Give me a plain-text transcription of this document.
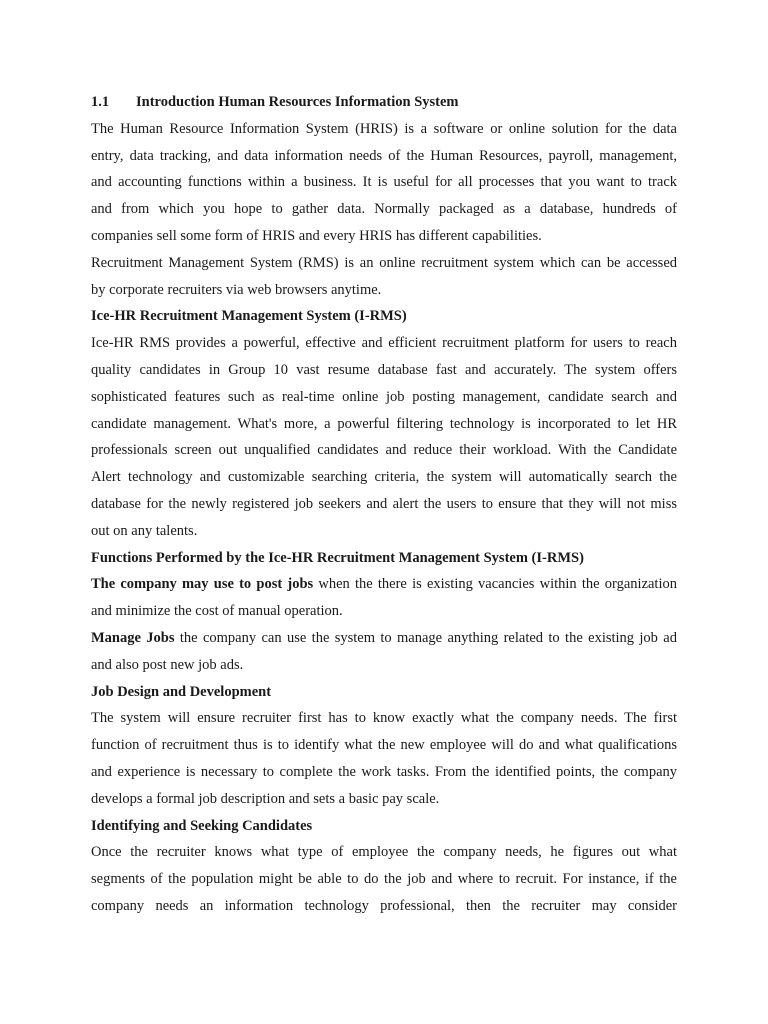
1.1 Introduction Human Resources Information System
The Human Resource Information System (HRIS) is a software or online solution for the data
entry, data tracking, and data information needs of the Human Resources, payroll, management,
and accounting functions within a business. It is useful for all processes that you want to track
and from which you hope to gather data. Normally packaged as a database, hundreds of
companies sell some form of HRIS and every HRIS has different capabilities.
Recruitment Management System (RMS) is an online recruitment system which can be accessed
by corporate recruiters via web browsers anytime.
Ice-HR Recruitment Management System (I-RMS)
Ice-HR RMS provides a powerful, effective and efficient recruitment platform for users to reach
quality candidates in Group 10 vast resume database fast and accurately. The system offers
sophisticated features such as real-time online job posting management, candidate search and
candidate management. What's more, a powerful filtering technology is incorporated to let HR
professionals screen out unqualified candidates and reduce their workload. With the Candidate
Alert technology and customizable searching criteria, the system will automatically search the
database for the newly registered job seekers and alert the users to ensure that they will not miss
out on any talents.
Functions Performed by the Ice-HR Recruitment Management System (I-RMS)
The company may use to post jobs when the there is existing vacancies within the organization
and minimize the cost of manual operation.
Manage Jobs the company can use the system to manage anything related to the existing job ad
and also post new job ads.
Job Design and Development
The system will ensure recruiter first has to know exactly what the company needs. The first
function of recruitment thus is to identify what the new employee will do and what qualifications
and experience is necessary to complete the work tasks. From the identified points, the company
develops a formal job description and sets a basic pay scale.
Identifying and Seeking Candidates
Once the recruiter knows what type of employee the company needs, he figures out what
segments of the population might be able to do the job and where to recruit. For instance, if the
company needs an information technology professional, then the recruiter may consider
